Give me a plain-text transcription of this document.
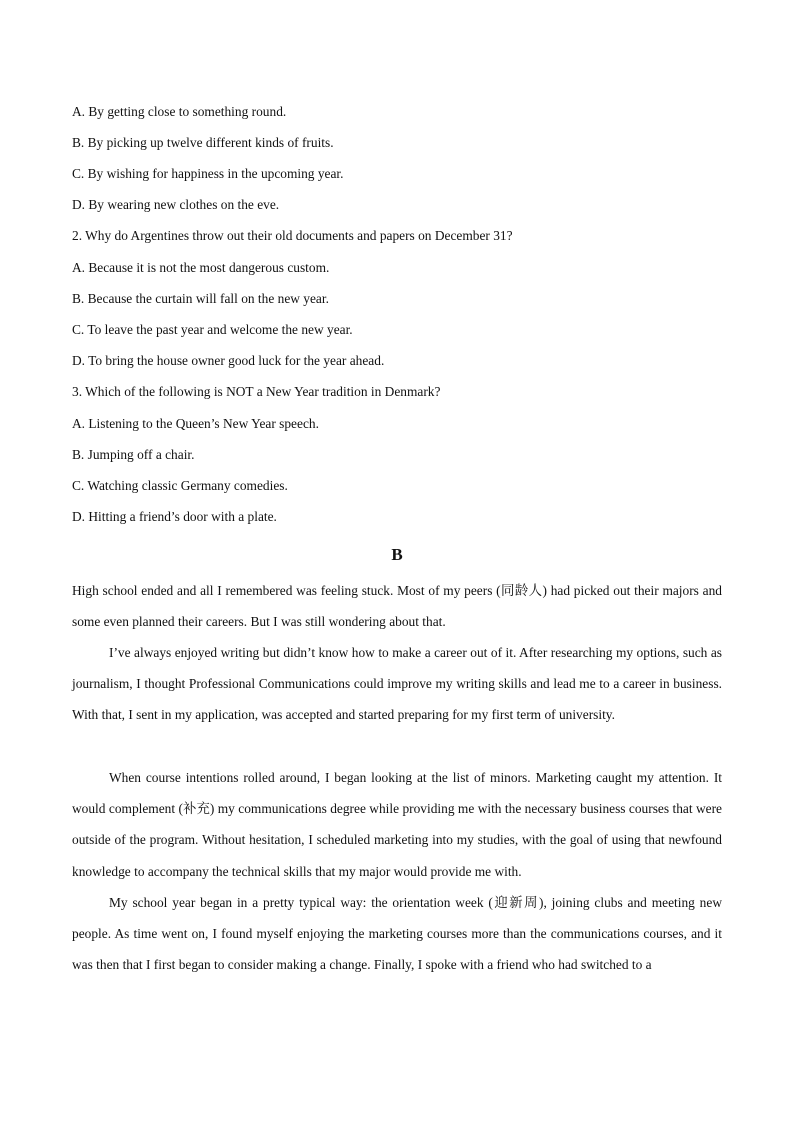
A. By getting close to something round.
B. By picking up twelve different kinds of fruits.
C. By wishing for happiness in the upcoming year.
D. By wearing new clothes on the eve.
2. Why do Argentines throw out their old documents and papers on December 31?
A. Because it is not the most dangerous custom.
B. Because the curtain will fall on the new year.
C. To leave the past year and welcome the new year.
D. To bring the house owner good luck for the year ahead.
3. Which of the following is NOT a New Year tradition in Denmark?
A. Listening to the Queen’s New Year speech.
B. Jumping off a chair.
C. Watching classic Germany comedies.
D. Hitting a friend’s door with a plate.
B
High school ended and all I remembered was feeling stuck. Most of my peers (同龄人) had picked out their majors and some even planned their careers. But I was still wondering about that.
I’ve always enjoyed writing but didn’t know how to make a career out of it. After researching my options, such as journalism, I thought Professional Communications could improve my writing skills and lead me to a career in business. With that, I sent in my application, was accepted and started preparing for my first term of university.
When course intentions rolled around, I began looking at the list of minors. Marketing caught my attention. It would complement (补充) my communications degree while providing me with the necessary business courses that were outside of the program. Without hesitation, I scheduled marketing into my studies, with the goal of using that newfound knowledge to accompany the technical skills that my major would provide me with.
My school year began in a pretty typical way: the orientation week (迎新周), joining clubs and meeting new people. As time went on, I found myself enjoying the marketing courses more than the communications courses, and it was then that I first began to consider making a change. Finally, I spoke with a friend who had switched to a
